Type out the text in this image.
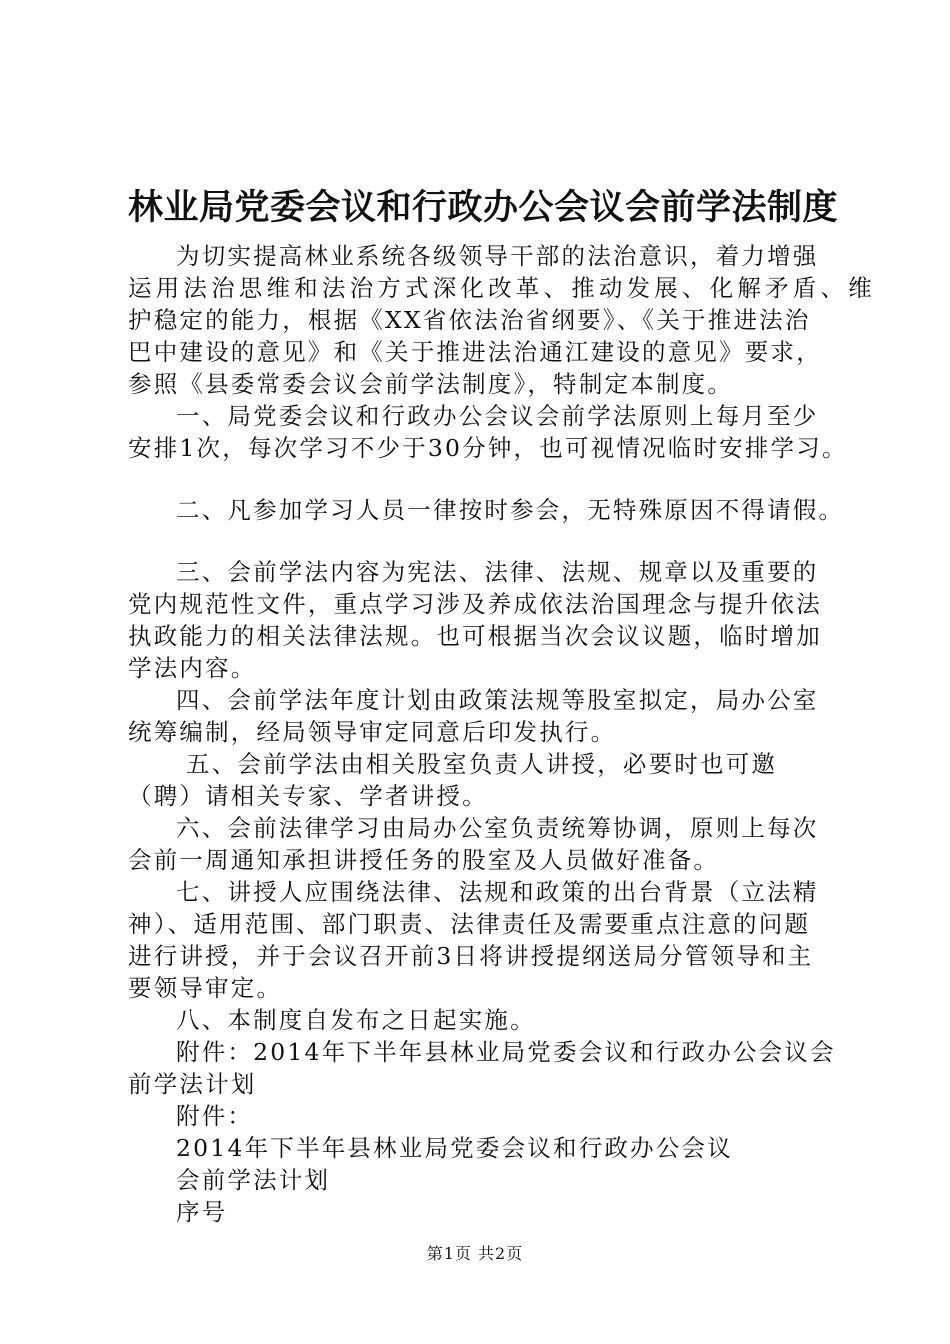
林业局党委会议和行政办公会议会前学法制度
为切实提高林业系统各级领导干部的法治意识，着力增强
运用法治思维和法治方式深化改革、推动发展、化解矛盾、维
护稳定的能力，根据《XX省依法治省纲要》、《关于推进法治
巴中建设的意见》和《关于推进法治通江建设的意见》要求，
参照《县委常委会议会前学法制度》，特制定本制度。
一、局党委会议和行政办公会议会前学法原则上每月至少
安排1次，每次学习不少于30分钟，也可视情况临时安排学习。
二、凡参加学习人员一律按时参会，无特殊原因不得请假。
三、会前学法内容为宪法、法律、法规、规章以及重要的
党内规范性文件，重点学习涉及养成依法治国理念与提升依法
执政能力的相关法律法规。也可根据当次会议议题，临时增加
学法内容。
四、会前学法年度计划由政策法规等股室拟定，局办公室
统筹编制，经局领导审定同意后印发执行。
五、会前学法由相关股室负责人讲授，必要时也可邀
（聘）请相关专家、学者讲授。
六、会前法律学习由局办公室负责统筹协调，原则上每次
会前一周通知承担讲授任务的股室及人员做好准备。
七、讲授人应围绕法律、法规和政策的出台背景（立法精
神）、适用范围、部门职责、法律责任及需要重点注意的问题
进行讲授，并于会议召开前3日将讲授提纲送局分管领导和主
要领导审定。
八、本制度自发布之日起实施。
附件：2014年下半年县林业局党委会议和行政办公会议会
前学法计划
附件：
2014年下半年县林业局党委会议和行政办公会议
会前学法计划
序号
第1页 共2页
